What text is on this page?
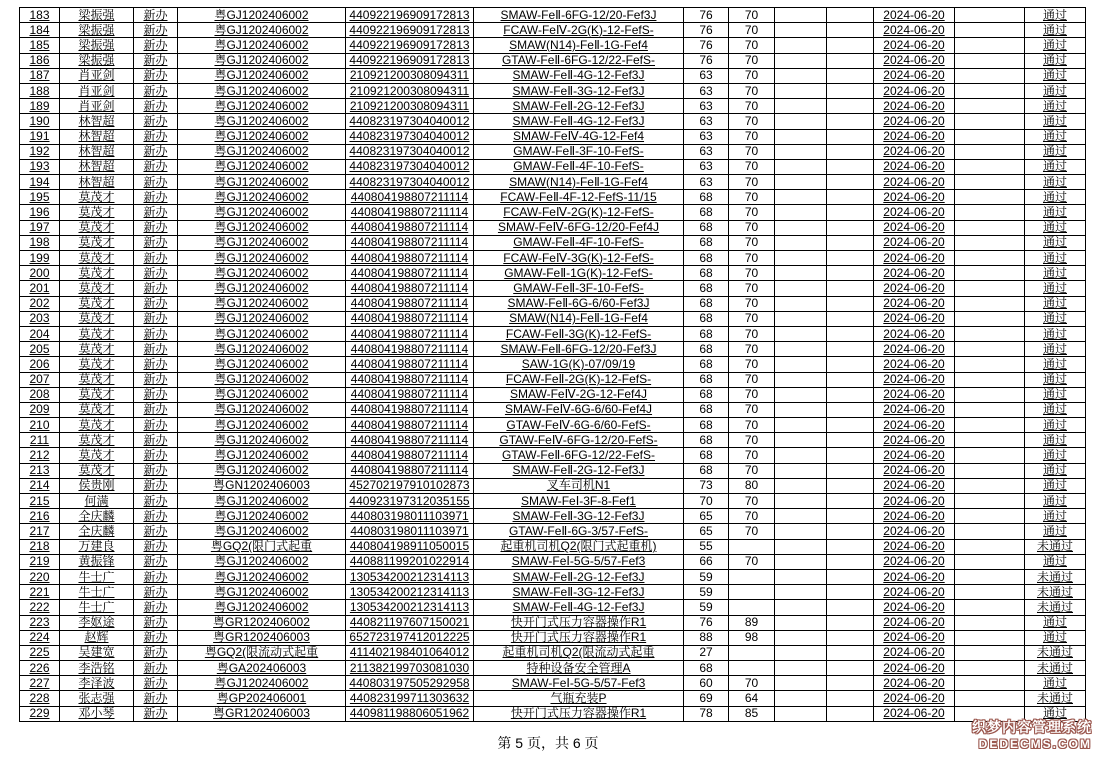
183	梁振强	新办	粤GJ1202406002	440922196909172813	SMAW-FeⅡ-6FG-12/20-Fef3J	76	70			2024-06-20		通过
184	梁振强	新办	粤GJ1202406002	440922196909172813	FCAW-FeⅣ-2G(K)-12-FefS-	76	70			2024-06-20		通过
185	梁振强	新办	粤GJ1202406002	440922196909172813	SMAW(N14)-FeⅡ-1G-Fef4	76	70			2024-06-20		通过
186	梁振强	新办	粤GJ1202406002	440922196909172813	GTAW-FeⅡ-6FG-12/22-FefS-	76	70			2024-06-20		通过
187	肖亚剑	新办	粤GJ1202406002	210921200308094311	SMAW-FeⅡ-4G-12-Fef3J	63	70			2024-06-20		通过
188	肖亚剑	新办	粤GJ1202406002	210921200308094311	SMAW-FeⅡ-3G-12-Fef3J	63	70			2024-06-20		通过
189	肖亚剑	新办	粤GJ1202406002	210921200308094311	SMAW-FeⅡ-2G-12-Fef3J	63	70			2024-06-20		通过
190	林智超	新办	粤GJ1202406002	440823197304040012	SMAW-FeⅡ-4G-12-Fef3J	63	70			2024-06-20		通过
191	林智超	新办	粤GJ1202406002	440823197304040012	SMAW-FeⅣ-4G-12-Fef4	63	70			2024-06-20		通过
192	林智超	新办	粤GJ1202406002	440823197304040012	GMAW-FeⅡ-3F-10-FefS-	63	70			2024-06-20		通过
193	林智超	新办	粤GJ1202406002	440823197304040012	GMAW-FeⅡ-4F-10-FefS-	63	70			2024-06-20		通过
194	林智超	新办	粤GJ1202406002	440823197304040012	SMAW(N14)-FeⅡ-1G-Fef4	63	70			2024-06-20		通过
195	莫茂才	新办	粤GJ1202406002	440804198807211114	FCAW-FeⅡ-4F-12-FefS-11/15	68	70			2024-06-20		通过
196	莫茂才	新办	粤GJ1202406002	440804198807211114	FCAW-FeⅣ-2G(K)-12-FefS-	68	70			2024-06-20		通过
197	莫茂才	新办	粤GJ1202406002	440804198807211114	SMAW-FeⅣ-6FG-12/20-Fef4J	68	70			2024-06-20		通过
198	莫茂才	新办	粤GJ1202406002	440804198807211114	GMAW-FeⅡ-4F-10-FefS-	68	70			2024-06-20		通过
199	莫茂才	新办	粤GJ1202406002	440804198807211114	FCAW-FeⅣ-3G(K)-12-FefS-	68	70			2024-06-20		通过
200	莫茂才	新办	粤GJ1202406002	440804198807211114	GMAW-FeⅡ-1G(K)-12-FefS-	68	70			2024-06-20		通过
201	莫茂才	新办	粤GJ1202406002	440804198807211114	GMAW-FeⅡ-3F-10-FefS-	68	70			2024-06-20		通过
202	莫茂才	新办	粤GJ1202406002	440804198807211114	SMAW-FeⅡ-6G-6/60-Fef3J	68	70			2024-06-20		通过
203	莫茂才	新办	粤GJ1202406002	440804198807211114	SMAW(N14)-FeⅡ-1G-Fef4	68	70			2024-06-20		通过
204	莫茂才	新办	粤GJ1202406002	440804198807211114	FCAW-FeⅡ-3G(K)-12-FefS-	68	70			2024-06-20		通过
205	莫茂才	新办	粤GJ1202406002	440804198807211114	SMAW-FeⅡ-6FG-12/20-Fef3J	68	70			2024-06-20		通过
206	莫茂才	新办	粤GJ1202406002	440804198807211114	SAW-1G(K)-07/09/19	68	70			2024-06-20		通过
207	莫茂才	新办	粤GJ1202406002	440804198807211114	FCAW-FeⅡ-2G(K)-12-FefS-	68	70			2024-06-20		通过
208	莫茂才	新办	粤GJ1202406002	440804198807211114	SMAW-FeⅣ-2G-12-Fef4J	68	70			2024-06-20		通过
209	莫茂才	新办	粤GJ1202406002	440804198807211114	SMAW-FeⅣ-6G-6/60-Fef4J	68	70			2024-06-20		通过
210	莫茂才	新办	粤GJ1202406002	440804198807211114	GTAW-FeⅣ-6G-6/60-FefS-	68	70			2024-06-20		通过
211	莫茂才	新办	粤GJ1202406002	440804198807211114	GTAW-FeⅣ-6FG-12/20-FefS-	68	70			2024-06-20		通过
212	莫茂才	新办	粤GJ1202406002	440804198807211114	GTAW-FeⅡ-6FG-12/22-FefS-	68	70			2024-06-20		通过
213	莫茂才	新办	粤GJ1202406002	440804198807211114	SMAW-FeⅡ-2G-12-Fef3J	68	70			2024-06-20		通过
214	侯贵刚	新办	粤GN1202406003	452702197910102873	叉车司机N1	73	80			2024-06-20		通过
215	何满	新办	粤GJ1202406002	440923197312035155	SMAW-FeⅠ-3F-8-Fef1	70	70			2024-06-20		通过
216	全庆麟	新办	粤GJ1202406002	440803198011103971	SMAW-FeⅡ-3G-12-Fef3J	65	70			2024-06-20		通过
217	全庆麟	新办	粤GJ1202406002	440803198011103971	GTAW-FeⅡ-6G-3/57-FefS-	65	70			2024-06-20		通过
218	万建良	新办	粤GQ2(限门式起重	440804198911050015	起重机司机Q2(限门式起重机)	55				2024-06-20		未通过
219	黄振锋	新办	粤GJ1202406002	440881199201022914	SMAW-FeⅠ-5G-5/57-Fef3	66	70			2024-06-20		通过
220	牛士广	新办	粤GJ1202406002	130534200212314113	SMAW-FeⅡ-2G-12-Fef3J	59				2024-06-20		未通过
221	牛士广	新办	粤GJ1202406002	130534200212314113	SMAW-FeⅡ-3G-12-Fef3J	59				2024-06-20		未通过
222	牛士广	新办	粤GJ1202406002	130534200212314113	SMAW-FeⅡ-4G-12-Fef3J	59				2024-06-20		未通过
223	李妪途	新办	粤GR1202406002	440821197607150021	快开门式压力容器操作R1	76	89			2024-06-20		通过
224	赵辉	新办	粤GR1202406003	652723197412012225	快开门式压力容器操作R1	88	98			2024-06-20		通过
225	吴建宽	新办	粤GQ2(限流动式起重	411402198401064012	起重机司机Q2(限流动式起重	27				2024-06-20		未通过
226	李浩铭	新办	粤GA202406003	211382199703081030	特种设备安全管理A	68				2024-06-20		未通过
227	李泽波	新办	粤GJ1202406002	440803197505292958	SMAW-FeⅠ-5G-5/57-Fef3	60	70			2024-06-20		通过
228	张志强	新办	粤GP202406001	440823199711303632	气瓶充装P	69	64			2024-06-20		未通过
229	邓小琴	新办	粤GR1202406003	440981198806051962	快开门式压力容器操作R1	78	85			2024-06-20		通过
第 5 页，共 6 页
织梦内容管理系统
DEDECMS.COM
